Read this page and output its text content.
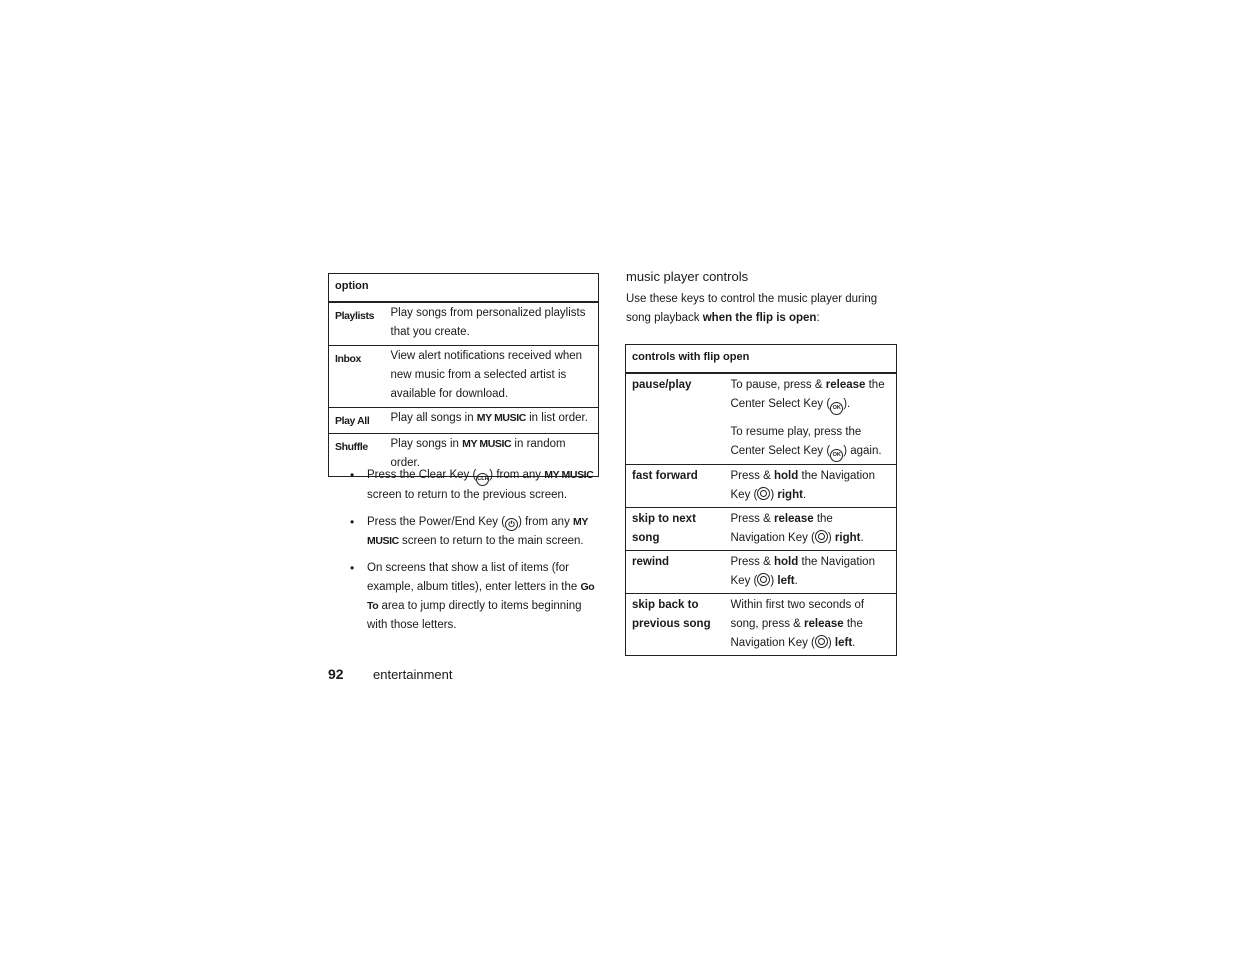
option	
Playlists	Play songs from personalized playlists that you create.
Inbox	View alert notifications received when new music from a selected artist is available for download.
Play All	Play all songs in MY MUSIC in list order.
Shuffle	Play songs in MY MUSIC in random order.
• Press the Clear Key (CLR) from any MY MUSIC screen to return to the previous screen.
• Press the Power/End Key ( ⏻ ) from any MY MUSIC screen to return to the main screen.
• On screens that show a list of items (for example, album titles), enter letters in the Go To area to jump directly to items beginning with those letters.
music player controls
Use these keys to control the music player during song playback when the flip is open:
controls with flip open	
pause/play	To pause, press & release the Center Select Key ( OK ).
To resume play, press the Center Select Key ( OK ) again.

fast forward	Press & hold the Navigation Key ( ) right.
skip to next song	Press & release the Navigation Key ( ) right.
rewind	Press & hold the Navigation Key ( ) left.
skip back to previous song	Within first two seconds of song, press & release the Navigation Key ( ) left.
92 entertainment
